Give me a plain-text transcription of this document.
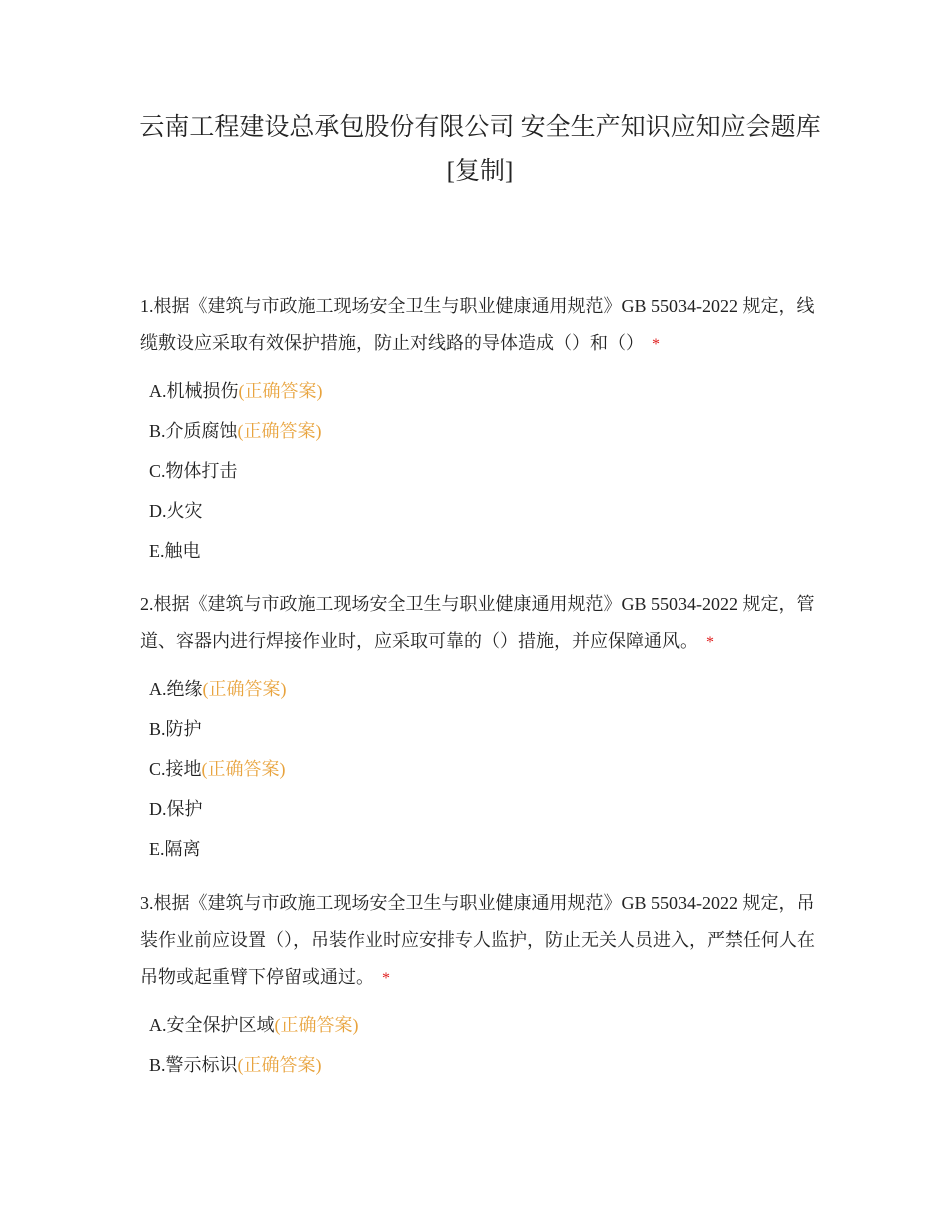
云南工程建设总承包股份有限公司 安全生产知识应知应会题库[复制]

1.根据《建筑与市政施工现场安全卫生与职业健康通用规范》GB 55034-2022 规定，线缆敷设应采取有效保护措施，防止对线路的导体造成（）和（） *

A.机械损伤(正确答案)
B.介质腐蚀(正确答案)
C.物体打击
D.火灾
E.触电

2.根据《建筑与市政施工现场安全卫生与职业健康通用规范》GB 55034-2022 规定，管道、容器内进行焊接作业时，应采取可靠的（）措施，并应保障通风。 *

A.绝缘(正确答案)
B.防护
C.接地(正确答案)
D.保护
E.隔离

3.根据《建筑与市政施工现场安全卫生与职业健康通用规范》GB 55034-2022 规定，吊装作业前应设置（），吊装作业时应安排专人监护，防止无关人员进入，严禁任何人在吊物或起重臂下停留或通过。 *

A.安全保护区域(正确答案)
B.警示标识(正确答案)
